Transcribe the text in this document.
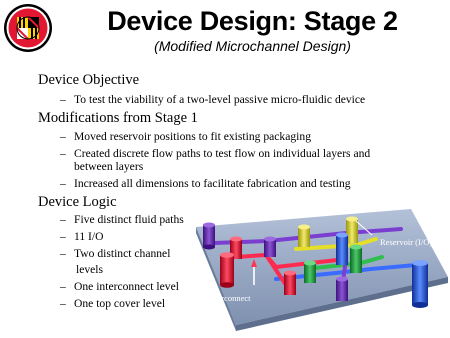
Device Design: Stage 2
(Modified Microchannel Design)
Device Objective
– To test the viability of a two-level passive micro-fluidic device
Modifications from Stage 1
– Moved reservoir positions to fit existing packaging
– Created discrete flow paths to test flow on individual layers and
between layers
– Increased all dimensions to facilitate fabrication and testing
Device Logic
– Five distinct fluid paths
– 11 I/O
– Two distinct channel
levels
– One interconnect level
– One top cover level
Reservoir (I/O)
Interconnect
